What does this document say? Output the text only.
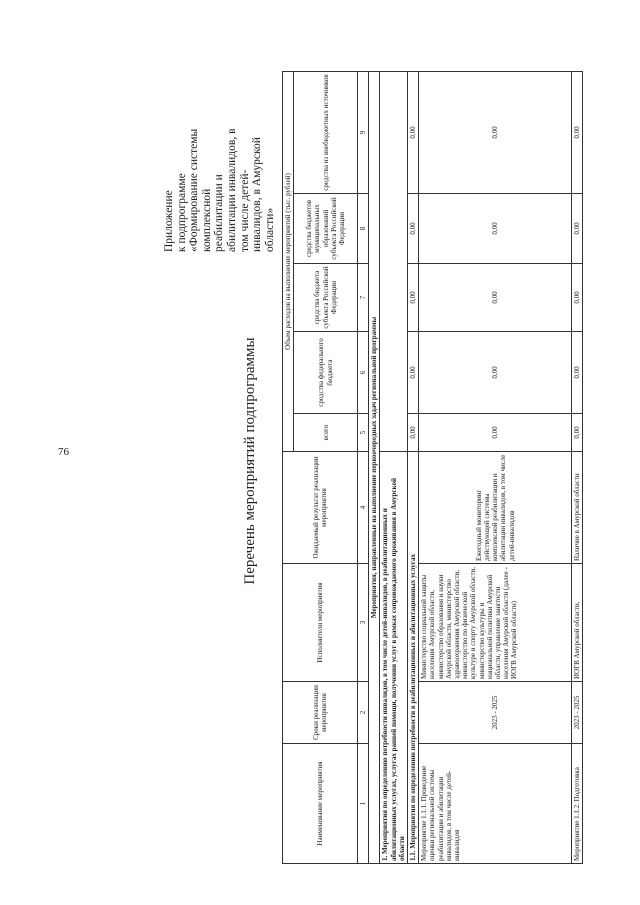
76	Перечень мероприятий подпрограммы
Приложение к подпрограмме «Формирование системы комплексной реабилитации и абилитации инвалидов, в том числе детей- инвалидов, в Амурской области»
Наименование мероприятия	Сроки реализации мероприятия	Исполнители мероприятия	Ожидаемый результат реализации мероприятия	Объем расходов на выполнение мероприятий (тыс. рублей)				
				всего	средства федерального бюджета	средства бюджета субъекта Российской Федерации	средства бюджетов муниципальных образований субъекта Российской Федерации	средства из внебюджетных источников
1	2	3	4	5	6	7	8	9
Мероприятия, направленные на выполнение первоочередных задач региональной программы								
1. Мероприятия по определению потребности инвалидов, в том числе детей-инвалидов, в реабилитационных и абилитационных услугах, услугах ранней помощи, получении услуг в рамках сопровождаемого проживания в Амурской области								
1.1. Мероприятия по определению потребности в реабилитационных и абилитационных услугах				0,00	0,00	0,00	0,00	0,00
Мероприятие 1.1.1. Проведение оценки региональной системы реабилитации и абилитации инвалидов, в том числе детей-инвалидов	2023 - 2025	Министерство социальной защиты населения Амурской области, министерство образования и науки Амурской области, министерство здравоохранения Амурской области, министерство по физической культуре и спорту Амурской области, министерство культуры и национальной политики Амурской области, управление занятости населения Амурской области (далее - ИОГВ Амурской области)	Ежегодный мониторинг действующей системы комплексной реабилитации и абилитации инвалидов, в том числе детей-инвалидов	0,00	0,00	0,00	0,00	0,00
Мероприятие 1.1.2. Подготовка	2023 - 2025	ИОГВ Амурской области,	Наличие в Амурской области	0,00	0,00	0,00	0,00	0,00
